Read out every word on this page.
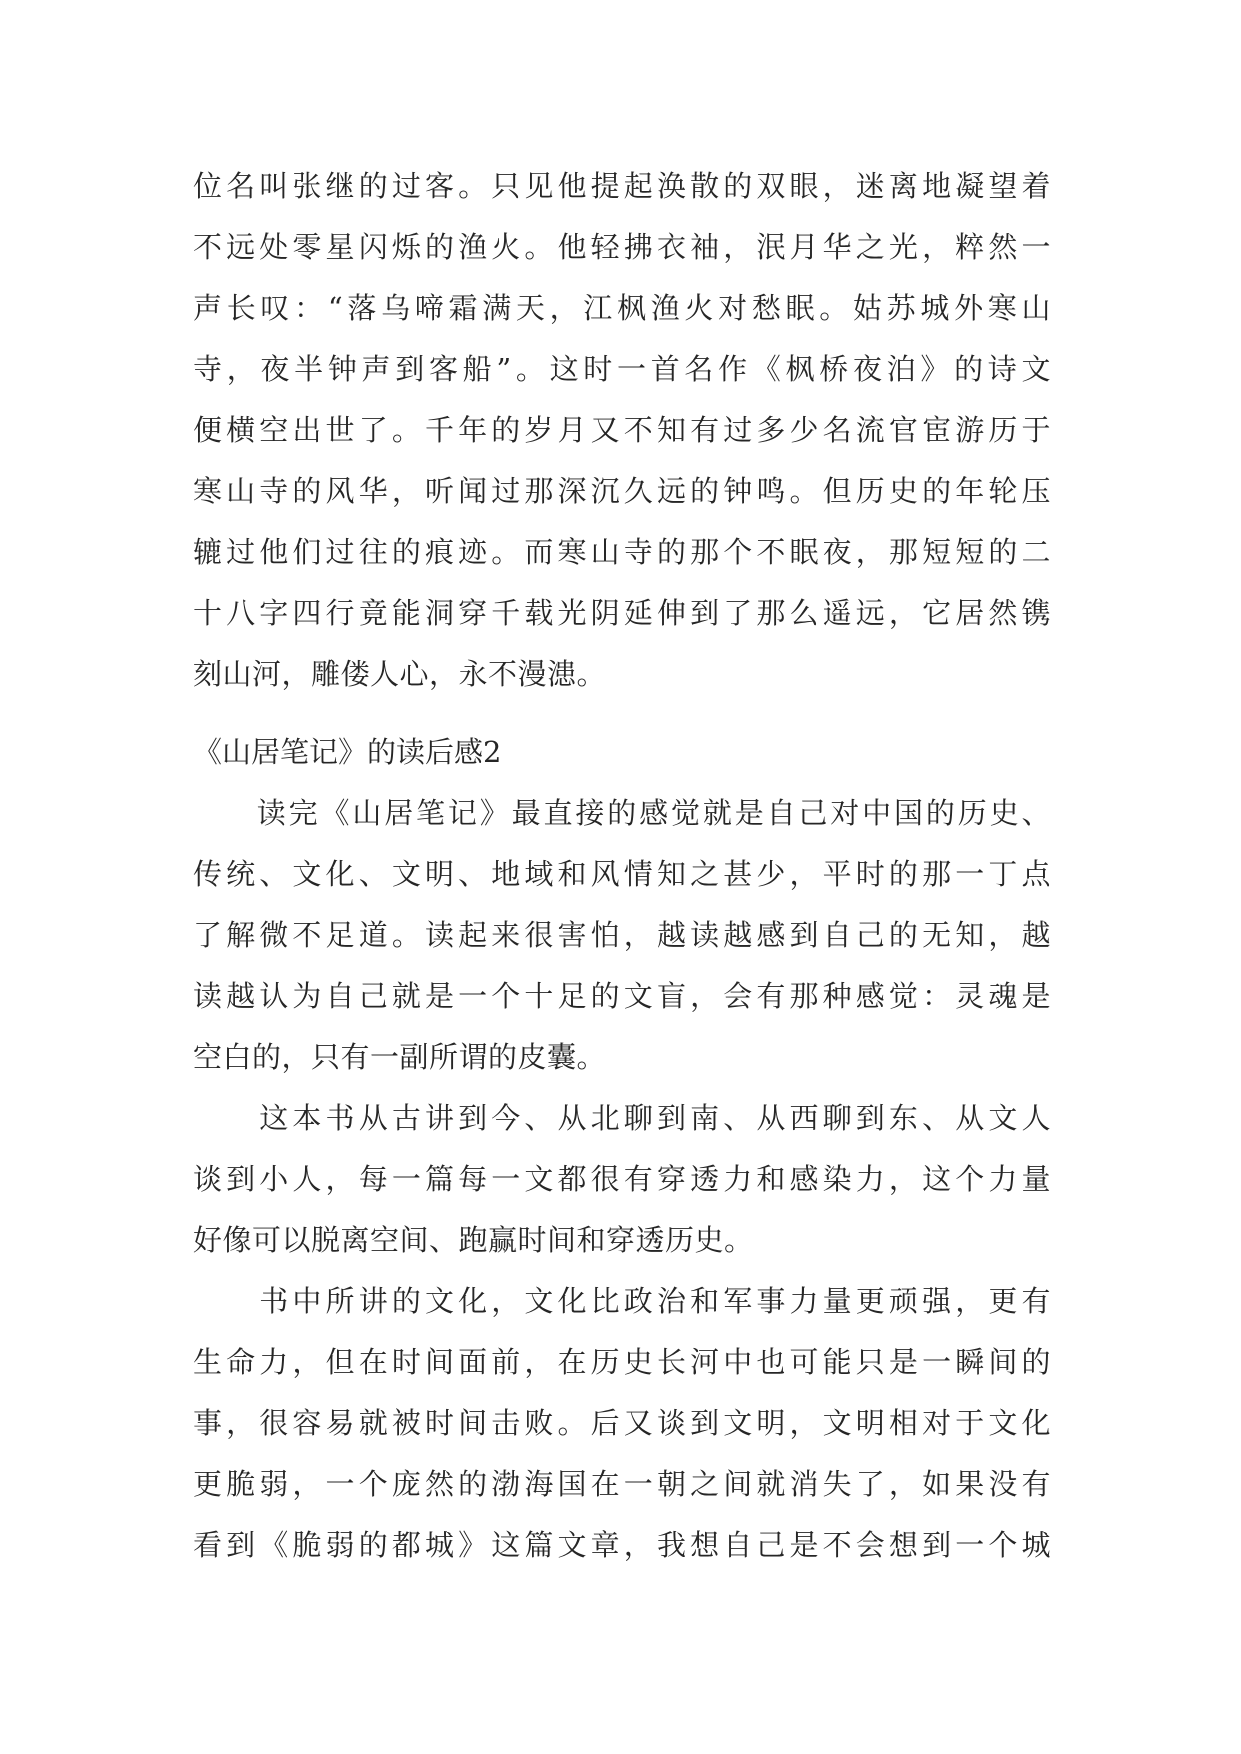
位名叫张继的过客。只见他提起涣散的双眼，迷离地凝望着
不远处零星闪烁的渔火。他轻拂衣袖，泯月华之光，粹然一
声长叹：“落乌啼霜满天，江枫渔火对愁眠。姑苏城外寒山
寺，夜半钟声到客船”。这时一首名作《枫桥夜泊》的诗文
便横空出世了。千年的岁月又不知有过多少名流官宦游历于
寒山寺的风华，听闻过那深沉久远的钟鸣。但历史的年轮压
辘过他们过往的痕迹。而寒山寺的那个不眠夜，那短短的二
十八字四行竟能洞穿千载光阴延伸到了那么遥远，它居然镌
刻山河，雕偻人心，永不漫漶。
《山居笔记》的读后感2
　　读完《山居笔记》最直接的感觉就是自己对中国的历史、
传统、文化、文明、地域和风情知之甚少，平时的那一丁点
了解微不足道。读起来很害怕，越读越感到自己的无知，越
读越认为自己就是一个十足的文盲，会有那种感觉：灵魂是
空白的，只有一副所谓的皮囊。
　　这本书从古讲到今、从北聊到南、从西聊到东、从文人
谈到小人，每一篇每一文都很有穿透力和感染力，这个力量
好像可以脱离空间、跑赢时间和穿透历史。
　　书中所讲的文化，文化比政治和军事力量更顽强，更有
生命力，但在时间面前，在历史长河中也可能只是一瞬间的
事，很容易就被时间击败。后又谈到文明，文明相对于文化
更脆弱，一个庞然的渤海国在一朝之间就消失了，如果没有
看到《脆弱的都城》这篇文章，我想自己是不会想到一个城
